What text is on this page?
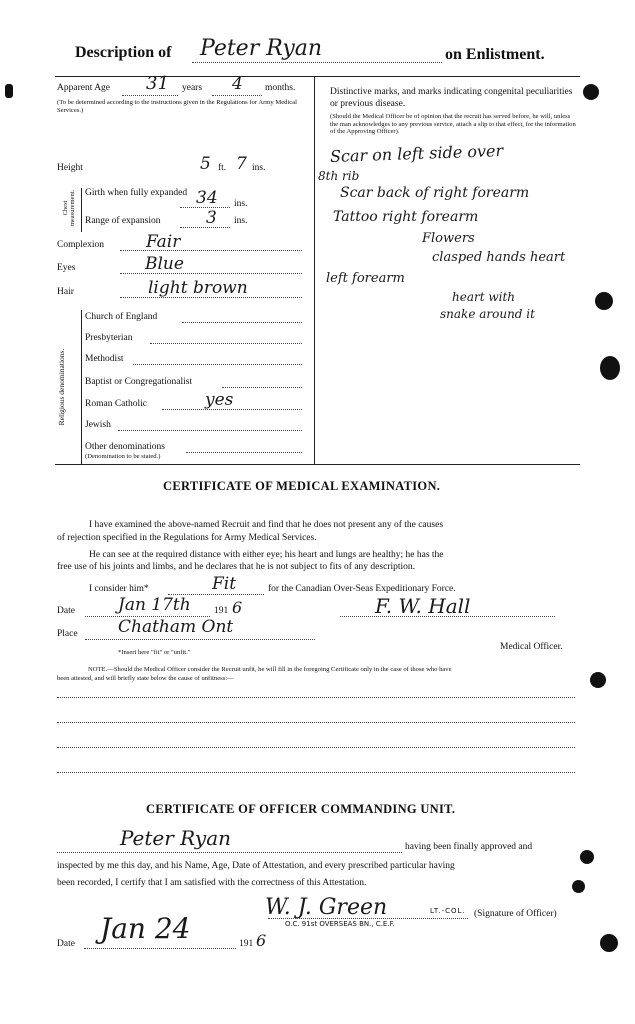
Description of Peter Ryan	on Enlistment.
Apparent Age 31 years 4 months.
(To be determined according to the instructions given in the Regulations for Army Medical Services.)
Height	5 ft. 7 ins.
Chest measurement. Girth when fully expanded 34 ins.
Range of expansion	3 ins.
Complexion Fair
Eyes	Blue
Hair	light brown
Religious denominations.
Church of England
Presbyterian
Methodist
Baptist or Congregationalist
Roman Catholic	yes
Jewish
Other denominations
(Denomination to be stated.)
Distinctive marks, and marks indicating congenital peculiarities or previous disease.
(Should the Medical Officer be of opinion that the recruit has served before, he will, unless the man acknowledges to any previous service, attach a slip to that effect, for the information of the Approving Officer).
Scar on left side over
8th rib
Scar back of right forearm
Tattoo right forearm
Flowers
clasped hands heart
left forearm
heart with
snake around it
CERTIFICATE OF MEDICAL EXAMINATION.
I have examined the above-named Recruit and find that he does not present any of the causes
of rejection specified in the Regulations for Army Medical Services.
He can see at the required distance with either eye; his heart and lungs are healthy; he has the
free use of his joints and limbs, and he declares that he is not subject to fits of any description.
I consider him*	Fit	for the Canadian Over-Seas Expeditionary Force.
Date	Jan 17th 191 6	F. W. Hall
Place Chatham Ont
Medical Officer.
*Insert here "fit" or "unfit."
NOTE.—Should the Medical Officer consider the Recruit unfit, he will fill in the foregoing Certificate only in the case of those who have
been attested, and will briefly state below the cause of unfitness:—
CERTIFICATE OF OFFICER COMMANDING UNIT.
Peter Ryan	having been finally approved and
inspected by me this day, and his Name, Age, Date of Attestation, and every prescribed particular having
been recorded, I certify that I am satisfied with the correctness of this Attestation.
W. J. Green	LT.-COL.
O.C. 91st OVERSEAS BN., C.E.F.
(Signature of Officer)
Date Jan 24	191 6
